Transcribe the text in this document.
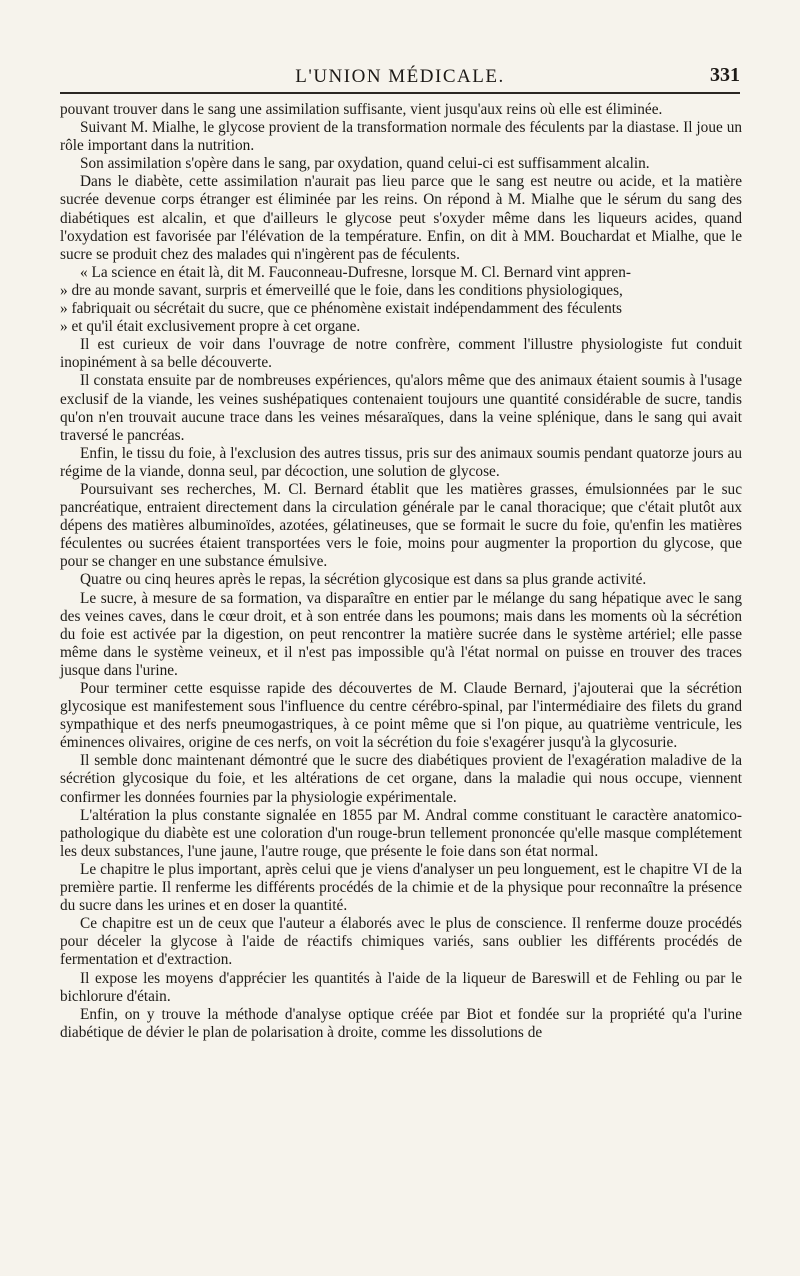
L'UNION MÉDICALE.	331

pouvant trouver dans le sang une assimilation suffisante, vient jusqu'aux reins où elle est éliminée.

Suivant M. Mialhe, le glycose provient de la transformation normale des féculents par la diastase. Il joue un rôle important dans la nutrition.

Son assimilation s'opère dans le sang, par oxydation, quand celui-ci est suffisamment alcalin.

Dans le diabète, cette assimilation n'aurait pas lieu parce que le sang est neutre ou acide, et la matière sucrée devenue corps étranger est éliminée par les reins. On répond à M. Mialhe que le sérum du sang des diabétiques est alcalin, et que d'ailleurs le glycose peut s'oxyder même dans les liqueurs acides, quand l'oxydation est favorisée par l'élévation de la température. Enfin, on dit à MM. Bouchardat et Mialhe, que le sucre se produit chez des malades qui n'ingèrent pas de féculents.

« La science en était là, dit M. Fauconneau-Dufresne, lorsque M. Cl. Bernard vint appren-
» dre au monde savant, surpris et émerveillé que le foie, dans les conditions physiologiques,
» fabriquait ou sécrétait du sucre, que ce phénomène existait indépendamment des féculents
» et qu'il était exclusivement propre à cet organe.

Il est curieux de voir dans l'ouvrage de notre confrère, comment l'illustre physiologiste fut conduit inopinément à sa belle découverte.

Il constata ensuite par de nombreuses expériences, qu'alors même que des animaux étaient soumis à l'usage exclusif de la viande, les veines sushépatiques contenaient toujours une quantité considérable de sucre, tandis qu'on n'en trouvait aucune trace dans les veines mésaraïques, dans la veine splénique, dans le sang qui avait traversé le pancréas.

Enfin, le tissu du foie, à l'exclusion des autres tissus, pris sur des animaux soumis pendant quatorze jours au régime de la viande, donna seul, par décoction, une solution de glycose.

Poursuivant ses recherches, M. Cl. Bernard établit que les matières grasses, émulsionnées par le suc pancréatique, entraient directement dans la circulation générale par le canal thoracique; que c'était plutôt aux dépens des matières albuminoïdes, azotées, gélatineuses, que se formait le sucre du foie, qu'enfin les matières féculentes ou sucrées étaient transportées vers le foie, moins pour augmenter la proportion du glycose, que pour se changer en une substance émulsive.

Quatre ou cinq heures après le repas, la sécrétion glycosique est dans sa plus grande activité.

Le sucre, à mesure de sa formation, va disparaître en entier par le mélange du sang hépatique avec le sang des veines caves, dans le cœur droit, et à son entrée dans les poumons; mais dans les moments où la sécrétion du foie est activée par la digestion, on peut rencontrer la matière sucrée dans le système artériel; elle passe même dans le système veineux, et il n'est pas impossible qu'à l'état normal on puisse en trouver des traces jusque dans l'urine.

Pour terminer cette esquisse rapide des découvertes de M. Claude Bernard, j'ajouterai que la sécrétion glycosique est manifestement sous l'influence du centre cérébro-spinal, par l'intermédiaire des filets du grand sympathique et des nerfs pneumogastriques, à ce point même que si l'on pique, au quatrième ventricule, les éminences olivaires, origine de ces nerfs, on voit la sécrétion du foie s'exagérer jusqu'à la glycosurie.

Il semble donc maintenant démontré que le sucre des diabétiques provient de l'exagération maladive de la sécrétion glycosique du foie, et les altérations de cet organe, dans la maladie qui nous occupe, viennent confirmer les données fournies par la physiologie expérimentale.

L'altération la plus constante signalée en 1855 par M. Andral comme constituant le caractère anatomico-pathologique du diabète est une coloration d'un rouge-brun tellement prononcée qu'elle masque complétement les deux substances, l'une jaune, l'autre rouge, que présente le foie dans son état normal.

Le chapitre le plus important, après celui que je viens d'analyser un peu longuement, est le chapitre VI de la première partie. Il renferme les différents procédés de la chimie et de la physique pour reconnaître la présence du sucre dans les urines et en doser la quantité.

Ce chapitre est un de ceux que l'auteur a élaborés avec le plus de conscience. Il renferme douze procédés pour déceler la glycose à l'aide de réactifs chimiques variés, sans oublier les différents procédés de fermentation et d'extraction.

Il expose les moyens d'apprécier les quantités à l'aide de la liqueur de Bareswill et de Fehling ou par le bichlorure d'étain.

Enfin, on y trouve la méthode d'analyse optique créée par Biot et fondée sur la propriété qu'a l'urine diabétique de dévier le plan de polarisation à droite, comme les dissolutions de
